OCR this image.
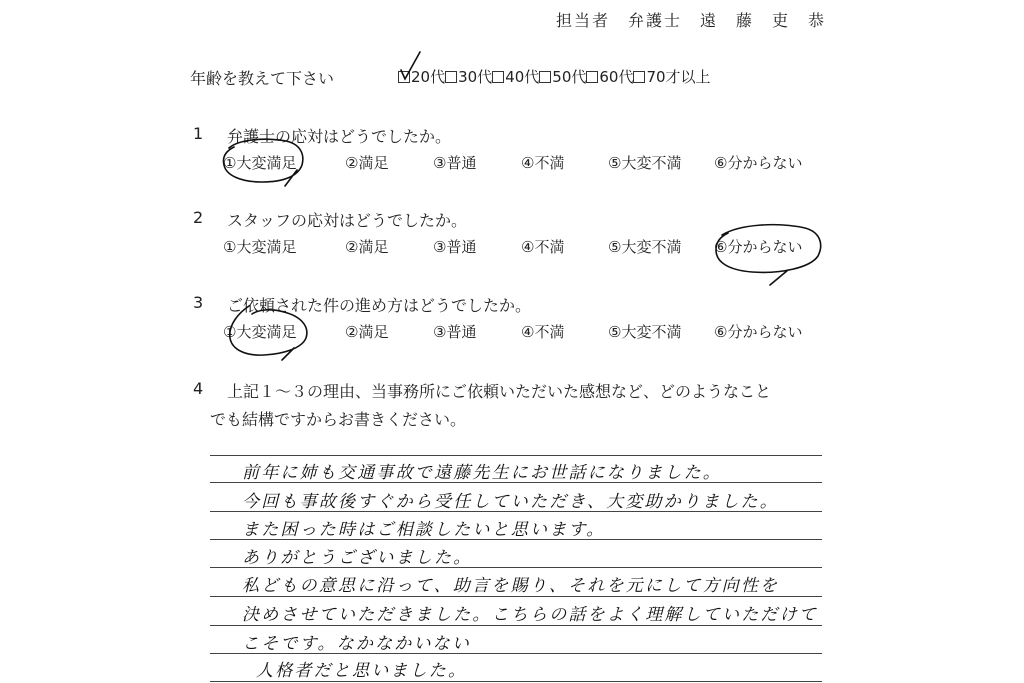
担当者　弁護士　遠　藤　吏　恭
年齢を教えて下さい	20代 30代 40代 50代 60代 70才以上
1 弁護士の応対はどうでしたか。
①大変満足	②満足	③普通	④不満	⑤大変不満 ⑥分からない
2 スタッフの応対はどうでしたか。
①大変満足	②満足	③普通	④不満	⑤大変不満 ⑥分からない
3 ご依頼された件の進め方はどうでしたか。
①大変満足	②満足	③普通	④不満	⑤大変不満 ⑥分からない
4 上記１～３の理由、当事務所にご依頼いただいた感想など、どのようなこと
でも結構ですからお書きください。
前年に姉も交通事故で遠藤先生にお世話になりました。
今回も事故後すぐから受任していただき、大変助かりました。
また困った時はご相談したいと思います。
ありがとうございました。
私どもの意思に沿って、助言を賜り、それを元にして方向性を
決めさせていただきました。こちらの話をよく理解していただけて
こそです。なかなかいない
人格者だと思いました。
